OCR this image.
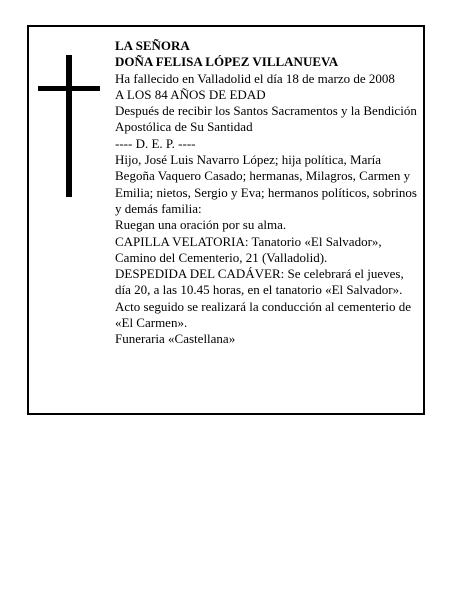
LA SEÑORA

DOÑA FELISA LÓPEZ VILLANUEVA

Ha fallecido en Valladolid el día 18 de marzo de 2008

A LOS 84 AÑOS DE EDAD

Después de recibir los Santos Sacramentos y la Bendición Apostólica de Su Santidad

---- D. E. P. ----

Hijo, José Luis Navarro López; hija política, María Begoña Vaquero Casado; hermanas, Milagros, Carmen y Emilia; nietos, Sergio y Eva; hermanos políticos, sobrinos y demás familia:

Ruegan una oración por su alma.

CAPILLA VELATORIA: Tanatorio «El Salvador», Camino del Cementerio, 21 (Valladolid).

DESPEDIDA DEL CADÁVER: Se celebrará el jueves, día 20, a las 10.45 horas, en el tanatorio «El Salvador».

Acto seguido se realizará la conducción al cementerio de «El Carmen».

Funeraria «Castellana»
